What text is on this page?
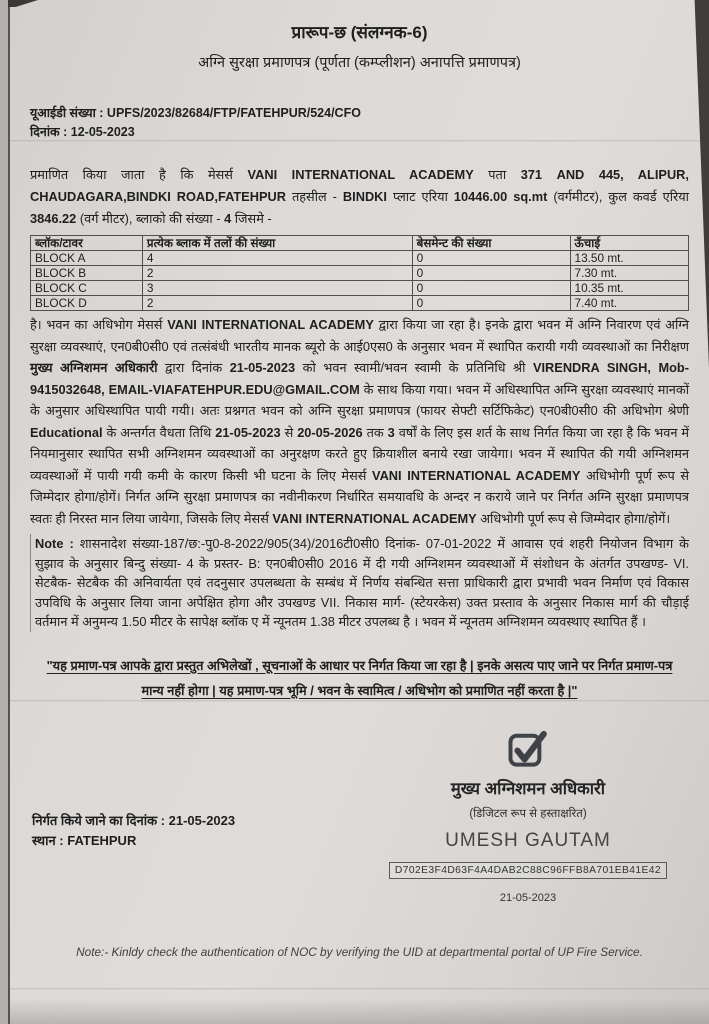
प्रारूप-छ (संलग्नक-6)
अग्नि सुरक्षा प्रमाणपत्र (पूर्णता (कम्प्लीशन) अनापत्ति प्रमाणपत्र)
यूआईडी संख्या : UPFS/2023/82684/FTP/FATEHPUR/524/CFO
दिनांक : 12-05-2023
प्रमाणित किया जाता है कि मेसर्स VANI INTERNATIONAL ACADEMY पता 371 AND 445, ALIPUR, CHAUDAGARA,BINDKI ROAD,FATEHPUR तहसील - BINDKI प्लाट एरिया 10446.00 sq.mt (वर्गमीटर), कुल कवर्ड एरिया 3846.22 (वर्ग मीटर), ब्लाको की संख्या - 4 जिसमे -
ब्लॉक/टावर	प्रत्येक ब्लाक में तलों की संख्या	बेसमेन्ट की संख्या	ऊँचाई
BLOCK A	4	0	13.50 mt.
BLOCK B	2	0	7.30 mt.
BLOCK C	3	0	10.35 mt.
BLOCK D	2	0	7.40 mt.
है। भवन का अधिभोग मेसर्स VANI INTERNATIONAL ACADEMY द्वारा किया जा रहा है। इनके द्वारा भवन में अग्नि निवारण एवं अग्नि सुरक्षा व्यवस्थाएं, एन0बी0सी0 एवं तत्संबंधी भारतीय मानक ब्यूरो के आई0एस0 के अनुसार भवन में स्थापित करायी गयी व्यवस्थाओं का निरीक्षण मुख्य अग्निशमन अधिकारी द्वारा दिनांक 21-05-2023 को भवन स्वामी/भवन स्वामी के प्रतिनिधि श्री VIRENDRA SINGH, Mob- 9415032648, EMAIL-VIAFATEHPUR.EDU@GMAIL.COM के साथ किया गया। भवन में अधिस्थापित अग्नि सुरक्षा व्यवस्थाएं मानकों के अनुसार अधिस्थापित पायी गयी। अतः प्रश्नगत भवन को अग्नि सुरक्षा प्रमाणपत्र (फायर सेफ्टी सर्टिफिकेट) एन0बी0सी0 की अधिभोग श्रेणी Educational के अन्तर्गत वैधता तिथि 21-05-2023 से 20-05-2026 तक 3 वर्षों के लिए इस शर्त के साथ निर्गत किया जा रहा है कि भवन में नियमानुसार स्थापित सभी अग्निशमन व्यवस्थाओं का अनुरक्षण करते हुए क्रियाशील बनाये रखा जायेगा। भवन में स्थापित की गयी अग्निशमन व्यवस्थाओं में पायी गयी कमी के कारण किसी भी घटना के लिए मेसर्स VANI INTERNATIONAL ACADEMY अधिभोगी पूर्ण रूप से जिम्मेदार होगा/होगें। निर्गत अग्नि सुरक्षा प्रमाणपत्र का नवीनीकरण निर्धारित समयावधि के अन्दर न कराये जाने पर निर्गत अग्नि सुरक्षा प्रमाणपत्र स्वतः ही निरस्त मान लिया जायेगा, जिसके लिए मेसर्स VANI INTERNATIONAL ACADEMY अधिभोगी पूर्ण रूप से जिम्मेदार होगा/होगें।
Note : शासनादेश संख्या-187/छ:-पु0-8-2022/905(34)/2016टी0सी0 दिनांक- 07-01-2022 में आवास एवं शहरी नियोजन विभाग के सुझाव के अनुसार बिन्दु संख्या- 4 के प्रस्तर- B: एन0बी0सी0 2016 में दी गयी अग्निशमन व्यवस्थाओं में संशोधन के अंतर्गत उपखण्ड- VI. सेटबैक- सेटबैक की अनिवार्यता एवं तदनुसार उपलब्धता के सम्बंध में निर्णय संबन्धित सत्ता प्राधिकारी द्वारा प्रभावी भवन निर्माण एवं विकास उपविधि के अनुसार लिया जाना अपेक्षित होगा और उपखण्ड VII. निकास मार्ग- (स्टेयरकेस) उक्त प्रस्ताव के अनुसार निकास मार्ग की चौड़ाई वर्तमान में अनुमन्य 1.50 मीटर के सापेक्ष ब्लॉक ए में न्यूनतम 1.38 मीटर उपलब्ध है । भवन में न्यूनतम अग्निशमन व्यवस्थाए स्थापित हैं ।
"यह प्रमाण-पत्र आपके द्वारा प्रस्तुत अभिलेखों , सूचनाओं के आधार पर निर्गत किया जा रहा है | इनके असत्य पाए जाने पर निर्गत प्रमाण-पत्र मान्य नहीं होगा | यह प्रमाण-पत्र भूमि / भवन के स्वामित्व / अधिभोग को प्रमाणित नहीं करता है |"
निर्गत किये जाने का दिनांक : 21-05-2023
स्थान : FATEHPUR
मुख्य अग्निशमन अधिकारी
(डिजिटल रूप से हस्ताक्षरित)
UMESH GAUTAM
D702E3F4D63F4A4DAB2C88C96FFB8A701EB41E42
21-05-2023
Note:- Kinldy check the authentication of NOC by verifying the UID at departmental portal of UP Fire Service.
